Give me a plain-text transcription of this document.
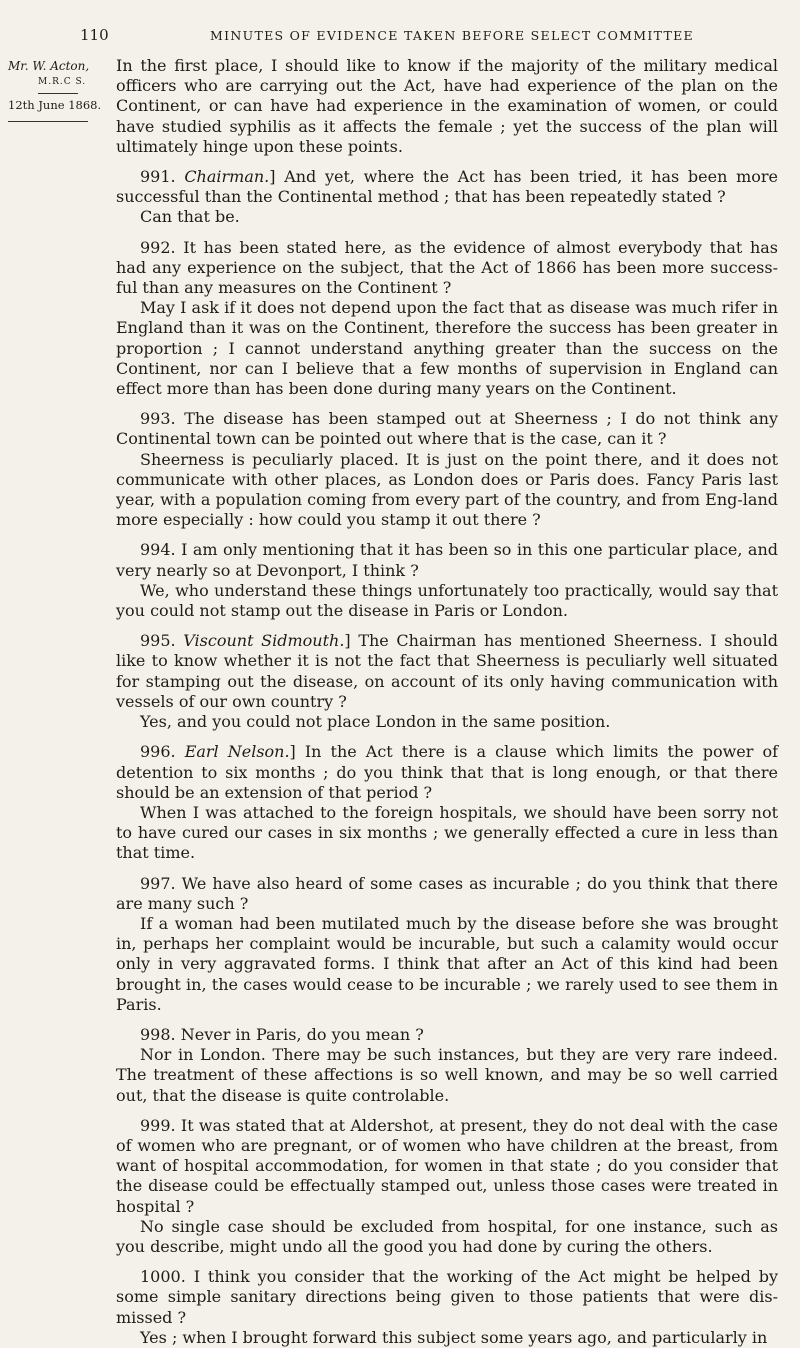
110	MINUTES OF EVIDENCE TAKEN BEFORE SELECT COMMITTEE
Mr. W. Acton,
M.R.C S.
12th June 1868.

In the first place, I should like to know if the majority of the military medical officers who are carrying out the Act, have had experience of the plan on the Continent, or can have had experience in the examination of women, or could have studied syphilis as it affects the female ; yet the success of the plan will ultimately hinge upon these points.

991. Chairman.] And yet, where the Act has been tried, it has been more successful than the Continental method ; that has been repeatedly stated ?

Can that be.

992. It has been stated here, as the evidence of almost everybody that has had any experience on the subject, that the Act of 1866 has been more success-ful than any measures on the Continent ?

May I ask if it does not depend upon the fact that as disease was much rifer in England than it was on the Continent, therefore the success has been greater in proportion ; I cannot understand anything greater than the success on the Continent, nor can I believe that a few months of supervision in England can effect more than has been done during many years on the Continent.

993. The disease has been stamped out at Sheerness ; I do not think any Continental town can be pointed out where that is the case, can it ?

Sheerness is peculiarly placed. It is just on the point there, and it does not communicate with other places, as London does or Paris does. Fancy Paris last year, with a population coming from every part of the country, and from Eng-land more especially : how could you stamp it out there ?

994. I am only mentioning that it has been so in this one particular place, and very nearly so at Devonport, I think ?

We, who understand these things unfortunately too practically, would say that you could not stamp out the disease in Paris or London.

995. Viscount Sidmouth.] The Chairman has mentioned Sheerness. I should like to know whether it is not the fact that Sheerness is peculiarly well situated for stamping out the disease, on account of its only having communication with vessels of our own country ?

Yes, and you could not place London in the same position.

996. Earl Nelson.] In the Act there is a clause which limits the power of detention to six months ; do you think that that is long enough, or that there should be an extension of that period ?

When I was attached to the foreign hospitals, we should have been sorry not to have cured our cases in six months ; we generally effected a cure in less than that time.

997. We have also heard of some cases as incurable ; do you think that there are many such ?

If a woman had been mutilated much by the disease before she was brought in, perhaps her complaint would be incurable, but such a calamity would occur only in very aggravated forms. I think that after an Act of this kind had been brought in, the cases would cease to be incurable ; we rarely used to see them in Paris.

998. Never in Paris, do you mean ?

Nor in London. There may be such instances, but they are very rare indeed. The treatment of these affections is so well known, and may be so well carried out, that the disease is quite controlable.

999. It was stated that at Aldershot, at present, they do not deal with the case of women who are pregnant, or of women who have children at the breast, from want of hospital accommodation, for women in that state ; do you consider that the disease could be effectually stamped out, unless those cases were treated in hospital ?

No single case should be excluded from hospital, for one instance, such as you describe, might undo all the good you had done by curing the others.

1000. I think you consider that the working of the Act might be helped by some simple sanitary directions being given to those patients that were dis-missed ?

Yes ; when I brought forward this subject some years ago, and particularly in
